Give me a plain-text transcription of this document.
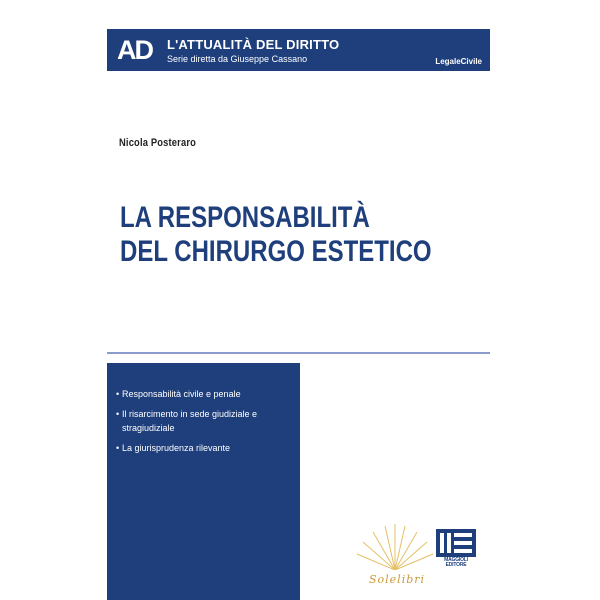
AD L'ATTUALITÀ DEL DIRITTO
Serie diretta da Giuseppe Cassano	LegaleCivile
Nicola Posteraro
LA RESPONSABILITÀ
DEL CHIRURGO ESTETICO
• Responsabilità civile e penale
• Il risarcimento in sede giudiziale e stragiudiziale
• La giurisprudenza rilevante
Solelibri
MAGGIOLI
EDITORE
